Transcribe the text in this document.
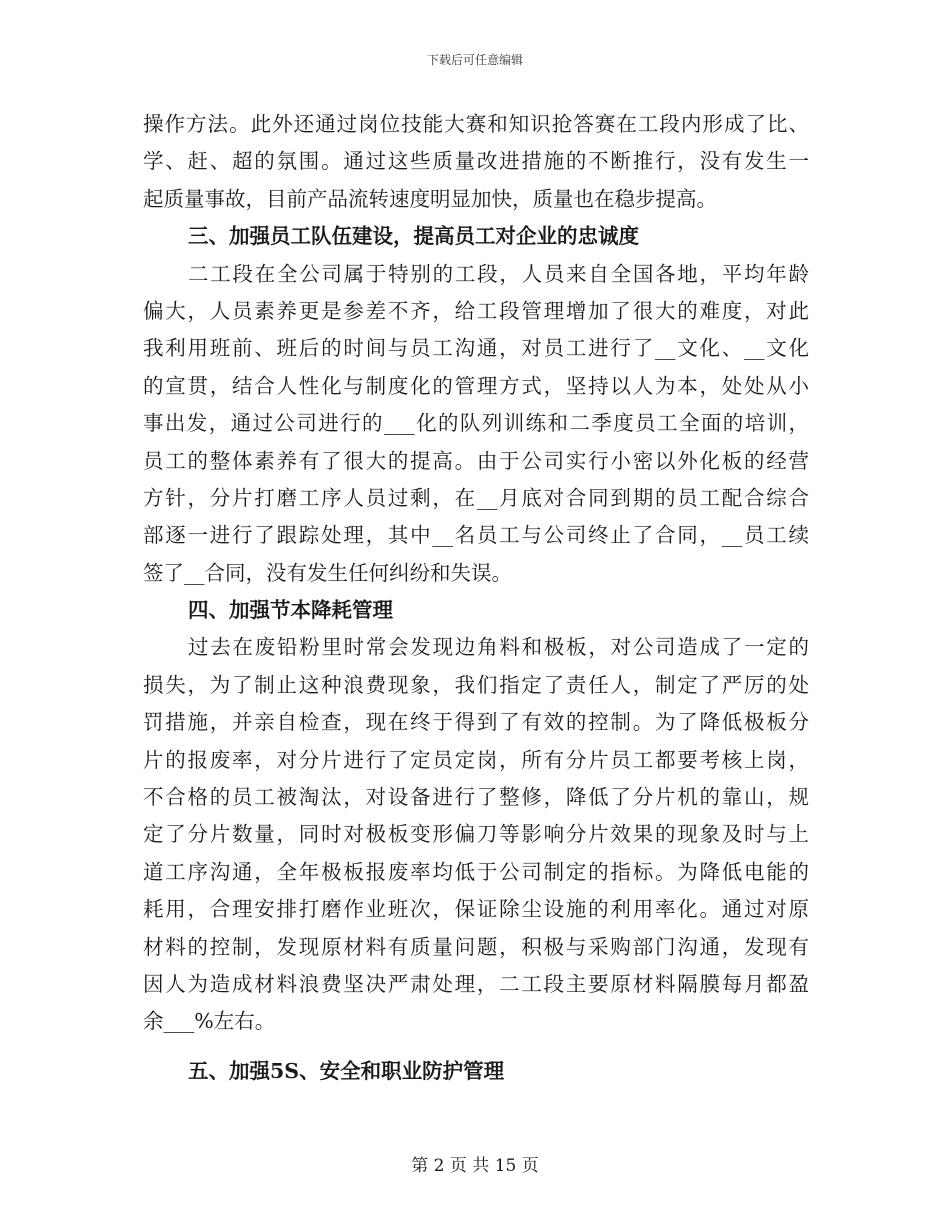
下载后可任意编辑
操作方法。此外还通过岗位技能大赛和知识抢答赛在工段内形成了比、
学、赶、超的氛围。通过这些质量改进措施的不断推行，没有发生一
起质量事故，目前产品流转速度明显加快，质量也在稳步提高。
三、加强员工队伍建设，提高员工对企业的忠诚度
二工段在全公司属于特别的工段，人员来自全国各地，平均年龄
偏大，人员素养更是参差不齐，给工段管理增加了很大的难度，对此
我利用班前、班后的时间与员工沟通，对员工进行了__文化、__文化
的宣贯，结合人性化与制度化的管理方式，坚持以人为本，处处从小
事出发，通过公司进行的___化的队列训练和二季度员工全面的培训，
员工的整体素养有了很大的提高。由于公司实行小密以外化板的经营
方针，分片打磨工序人员过剩，在__月底对合同到期的员工配合综合
部逐一进行了跟踪处理，其中__名员工与公司终止了合同，__员工续
签了__合同，没有发生任何纠纷和失误。
四、加强节本降耗管理
过去在废铅粉里时常会发现边角料和极板，对公司造成了一定的
损失，为了制止这种浪费现象，我们指定了责任人，制定了严厉的处
罚措施，并亲自检查，现在终于得到了有效的控制。为了降低极板分
片的报废率，对分片进行了定员定岗，所有分片员工都要考核上岗，
不合格的员工被淘汰，对设备进行了整修，降低了分片机的靠山，规
定了分片数量，同时对极板变形偏刀等影响分片效果的现象及时与上
道工序沟通，全年极板报废率均低于公司制定的指标。为降低电能的
耗用，合理安排打磨作业班次，保证除尘设施的利用率化。通过对原
材料的控制，发现原材料有质量问题，积极与采购部门沟通，发现有
因人为造成材料浪费坚决严肃处理，二工段主要原材料隔膜每月都盈
余___%左右。
五、加强5S、安全和职业防护管理
第 2 页 共 15 页
